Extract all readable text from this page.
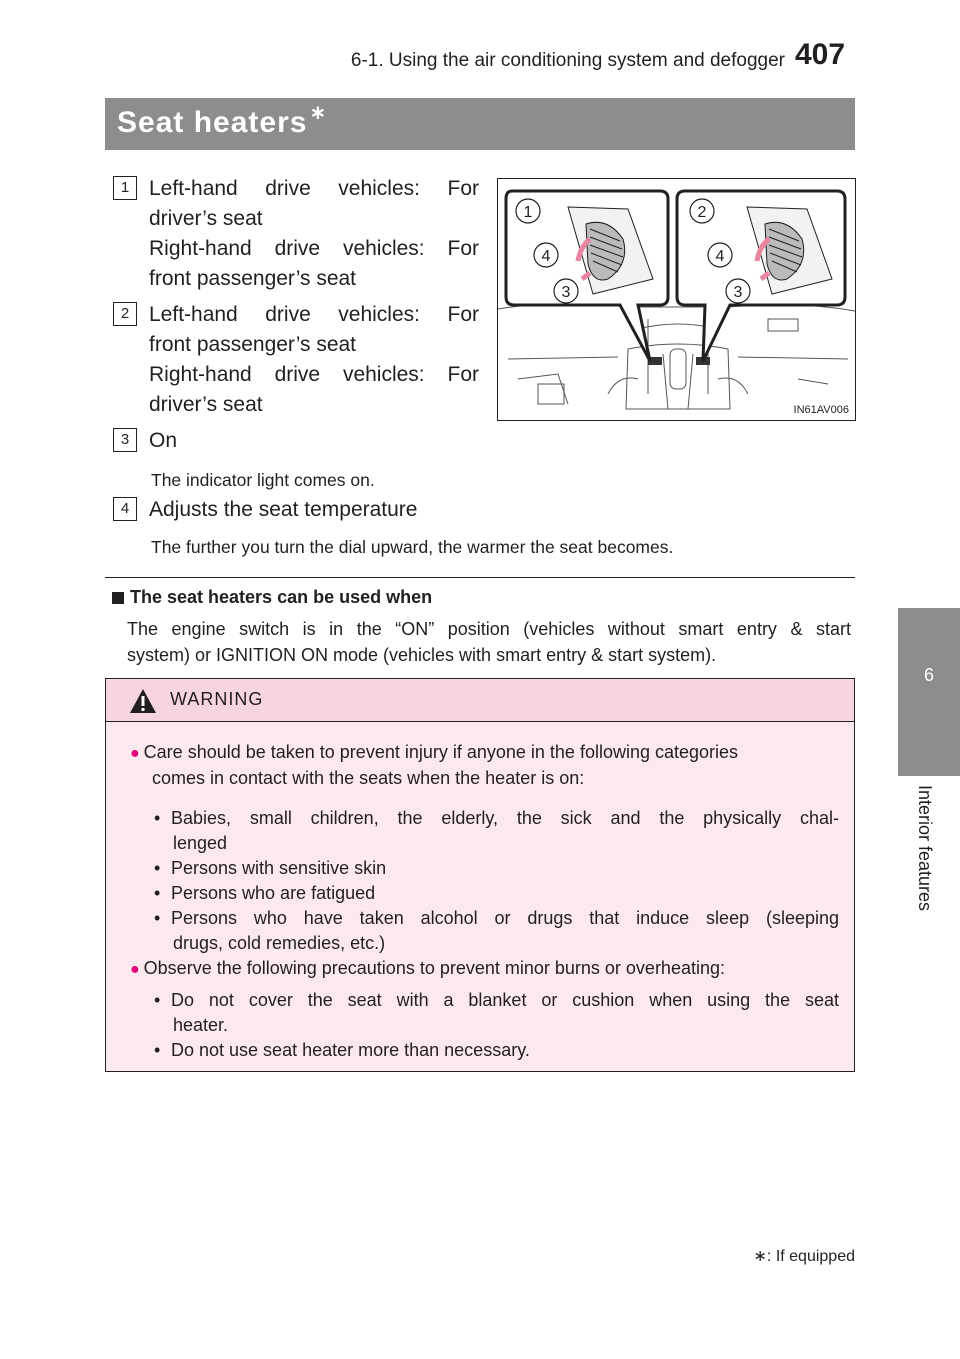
6-1. Using the air conditioning system and defogger 407
Seat heaters ∗
6
Interior features
1 Left-hand drive vehicles: For
driver’s seat
Right-hand drive vehicles: For
front passenger’s seat
2 Left-hand drive vehicles: For
front passenger’s seat
Right-hand drive vehicles: For
driver’s seat
3 On
The indicator light comes on.
4 Adjusts the seat temperature
The further you turn the dial upward, the warmer the seat becomes.
1
4
3
2
4
3
IN61AV006
The seat heaters can be used when
The engine switch is in the “ON” position (vehicles without smart entry & start
system) or IGNITION ON mode (vehicles with smart entry & start system).
WARNING
● Care should be taken to prevent injury if anyone in the following categories
comes in contact with the seats when the heater is on:
• Babies, small children, the elderly, the sick and the physically chal-
lenged
• Persons with sensitive skin
• Persons who are fatigued
• Persons who have taken alcohol or drugs that induce sleep (sleeping
drugs, cold remedies, etc.)
● Observe the following precautions to prevent minor burns or overheating:
• Do not cover the seat with a blanket or cushion when using the seat
heater.
• Do not use seat heater more than necessary.
∗: If equipped
